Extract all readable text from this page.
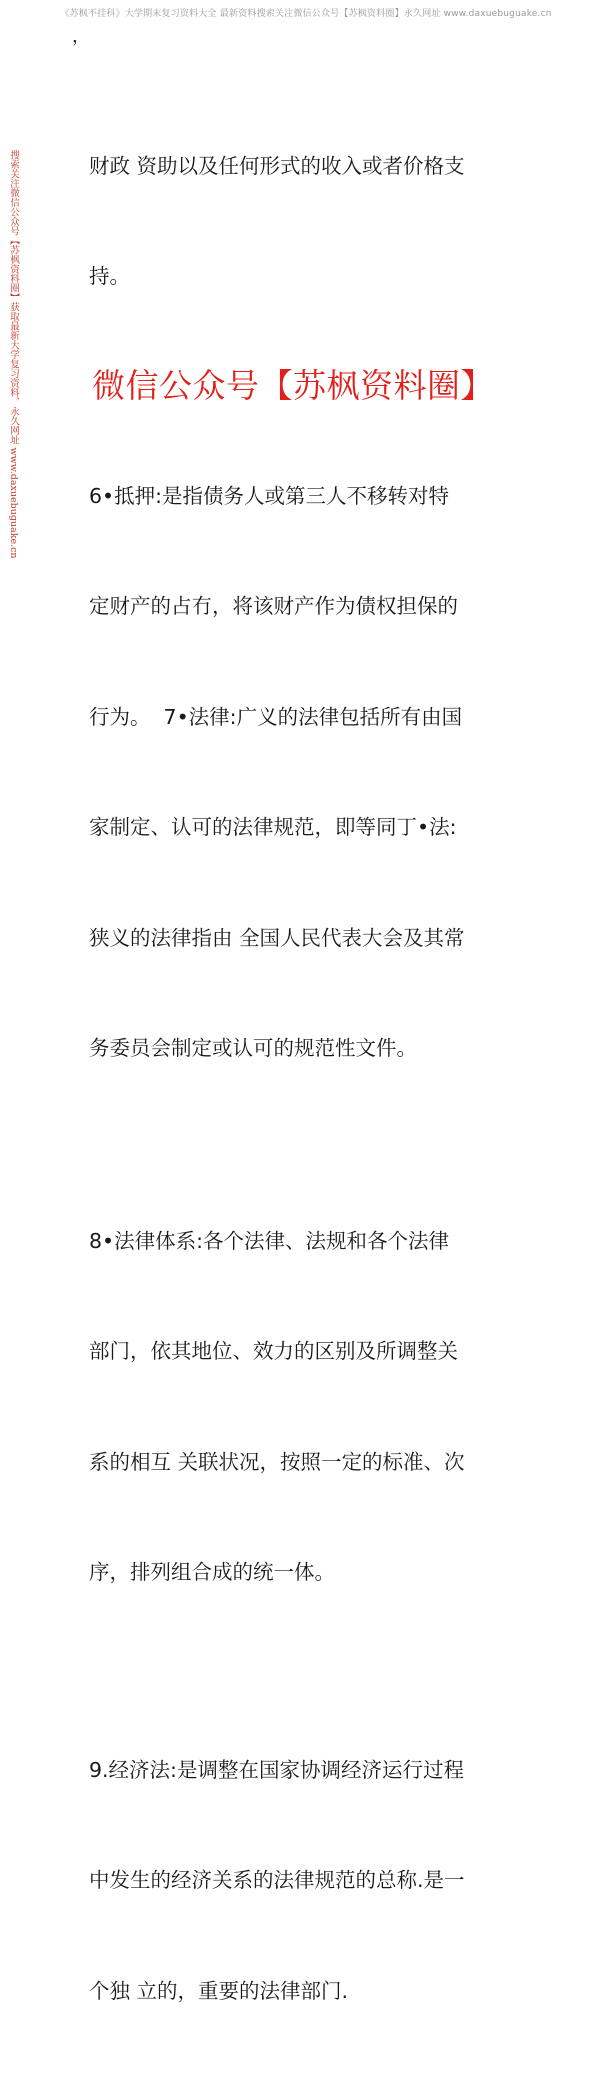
《苏枫不挂科》大学期末复习资料大全 最新资料搜索关注微信公众号【苏枫资料圈】永久网址 www.daxuebuguake.cn
，
搜索关注微信公众号【苏枫资料圈】获取最新大学复习资料，永久网址 www.daxuebuguake.cn

	财政 资助以及任何形式的收入或者价格支

持。

6•抵押:是指债务人或第三人不移转对特

定财产的占冇，将该财产作为债权担保的

行为。  7•法律:广义的法律包括所有由国

家制定、认可的法律规范，即等同丁•法:

狭义的法律指由 全国人民代表大会及其常

务委员会制定或认可的规范性文件。

8•法律体系:各个法律、法规和各个法律

部门，依其地位、效力的区别及所调整关

系的相互 关联状况，按照一定的标准、次

序，排列组合成的统一体。

9.经济法:是调整在国家协调经济运行过程

中发生的经济关系的法律规范的总称.是一

个独 立的，重要的法律部门.

微信公众号【苏枫资料圈】
